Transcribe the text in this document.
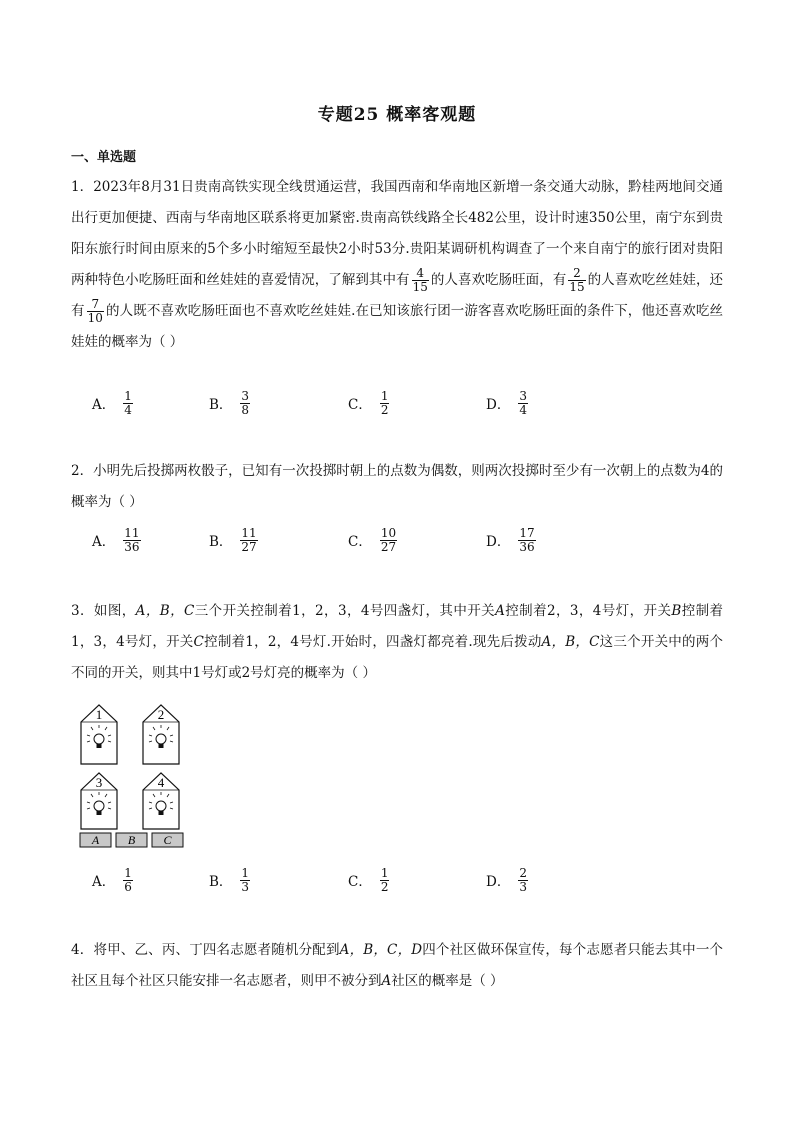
专题25 概率客观题
一、单选题
1．2023年8月31日贵南高铁实现全线贯通运营，我国西南和华南地区新增一条交通大动脉，黔桂两地间交通出行更加便捷、西南与华南地区联系将更加紧密.贵南高铁线路全长482公里，设计时速350公里，南宁东到贵阳东旅行时间由原来的5个多小时缩短至最快2小时53分.贵阳某调研机构调查了一个来自南宁的旅行团对贵阳两种特色小吃肠旺面和丝娃娃的喜爱情况，了解到其中有 $\frac{4}{15}$ 的人喜欢吃肠旺面，有 $\frac{2}{15}$ 的人喜欢吃丝娃娃，还有 $\frac{7}{10}$ 的人既不喜欢吃肠旺面也不喜欢吃丝娃娃.在已知该旅行团一游客喜欢吃肠旺面的条件下，他还喜欢吃丝娃娃的概率为（ ）
A． $\frac{1}{4}$	B． $\frac{3}{8}$	C． $\frac{1}{2}$	D． $\frac{3}{4}$
2．小明先后投掷两枚骰子，已知有一次投掷时朝上的点数为偶数，则两次投掷时至少有一次朝上的点数为4的概率为（ ）
A． $\frac{11}{36}$	B． $\frac{11}{27}$	C． $\frac{10}{27}$	D． $\frac{17}{36}$
3．如图，A，B，C三个开关控制着1，2，3，4号四盏灯，其中开关A控制着2，3，4号灯，开关B控制着1，3，4号灯，开关C控制着1，2，4号灯.开始时，四盏灯都亮着.现先后拨动A，B，C这三个开关中的两个不同的开关，则其中1号灯或2号灯亮的概率为（ ）
1	2
3	4
A B C
A． $\frac{1}{6}$	B． $\frac{1}{3}$	C． $\frac{1}{2}$	D． $\frac{2}{3}$
4．将甲、乙、丙、丁四名志愿者随机分配到A，B，C，D四个社区做环保宣传，每个志愿者只能去其中一个社区且每个社区只能安排一名志愿者，则甲不被分到A社区的概率是（ ）
